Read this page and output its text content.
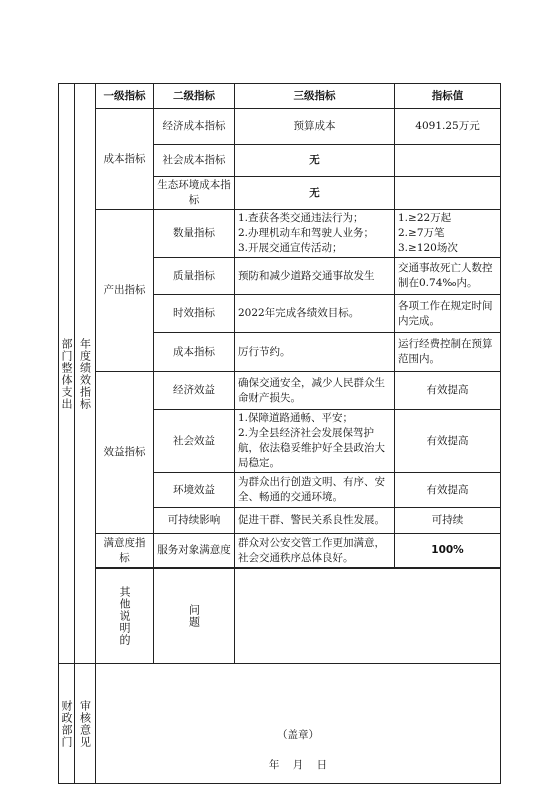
部门整体支出	年度绩效指标	一级指标	二级指标	三级指标	指标值
		成本指标	经济成本指标	预算成本	4091.25万元
			社会成本指标	无	
			生态环境成本指标	无	
		产出指标	数量指标	1.查获各类交通违法行为；
2.办理机动车和驾驶人业务；
3.开展交通宣传活动；	1.≥22万起
2.≥7万笔
3.≥120场次
			质量指标	预防和减少道路交通事故发生	交通事故死亡人数控制在0.74‰内。
			时效指标	2022年完成各绩效目标。	各项工作在规定时间内完成。
			成本指标	厉行节约。	运行经费控制在预算范围内。
		效益指标	经济效益	确保交通安全，减少人民群众生命财产损失。	有效提高
			社会效益	1.保障道路通畅、平安；
2.为全县经济社会发展保驾护航，依法稳妥维护好全县政治大局稳定。	有效提高
			环境效益	为群众出行创造文明、有序、安全、畅通的交通环境。	有效提高
			可持续影响	促进干群、警民关系良性发展。	可持续
		满意度指标	服务对象满意度	群众对公安交管工作更加满意，社会交通秩序总体良好。	100%

		其他说明的	问题		

财政部门	审核意见	（盖章）
年 月 日			
